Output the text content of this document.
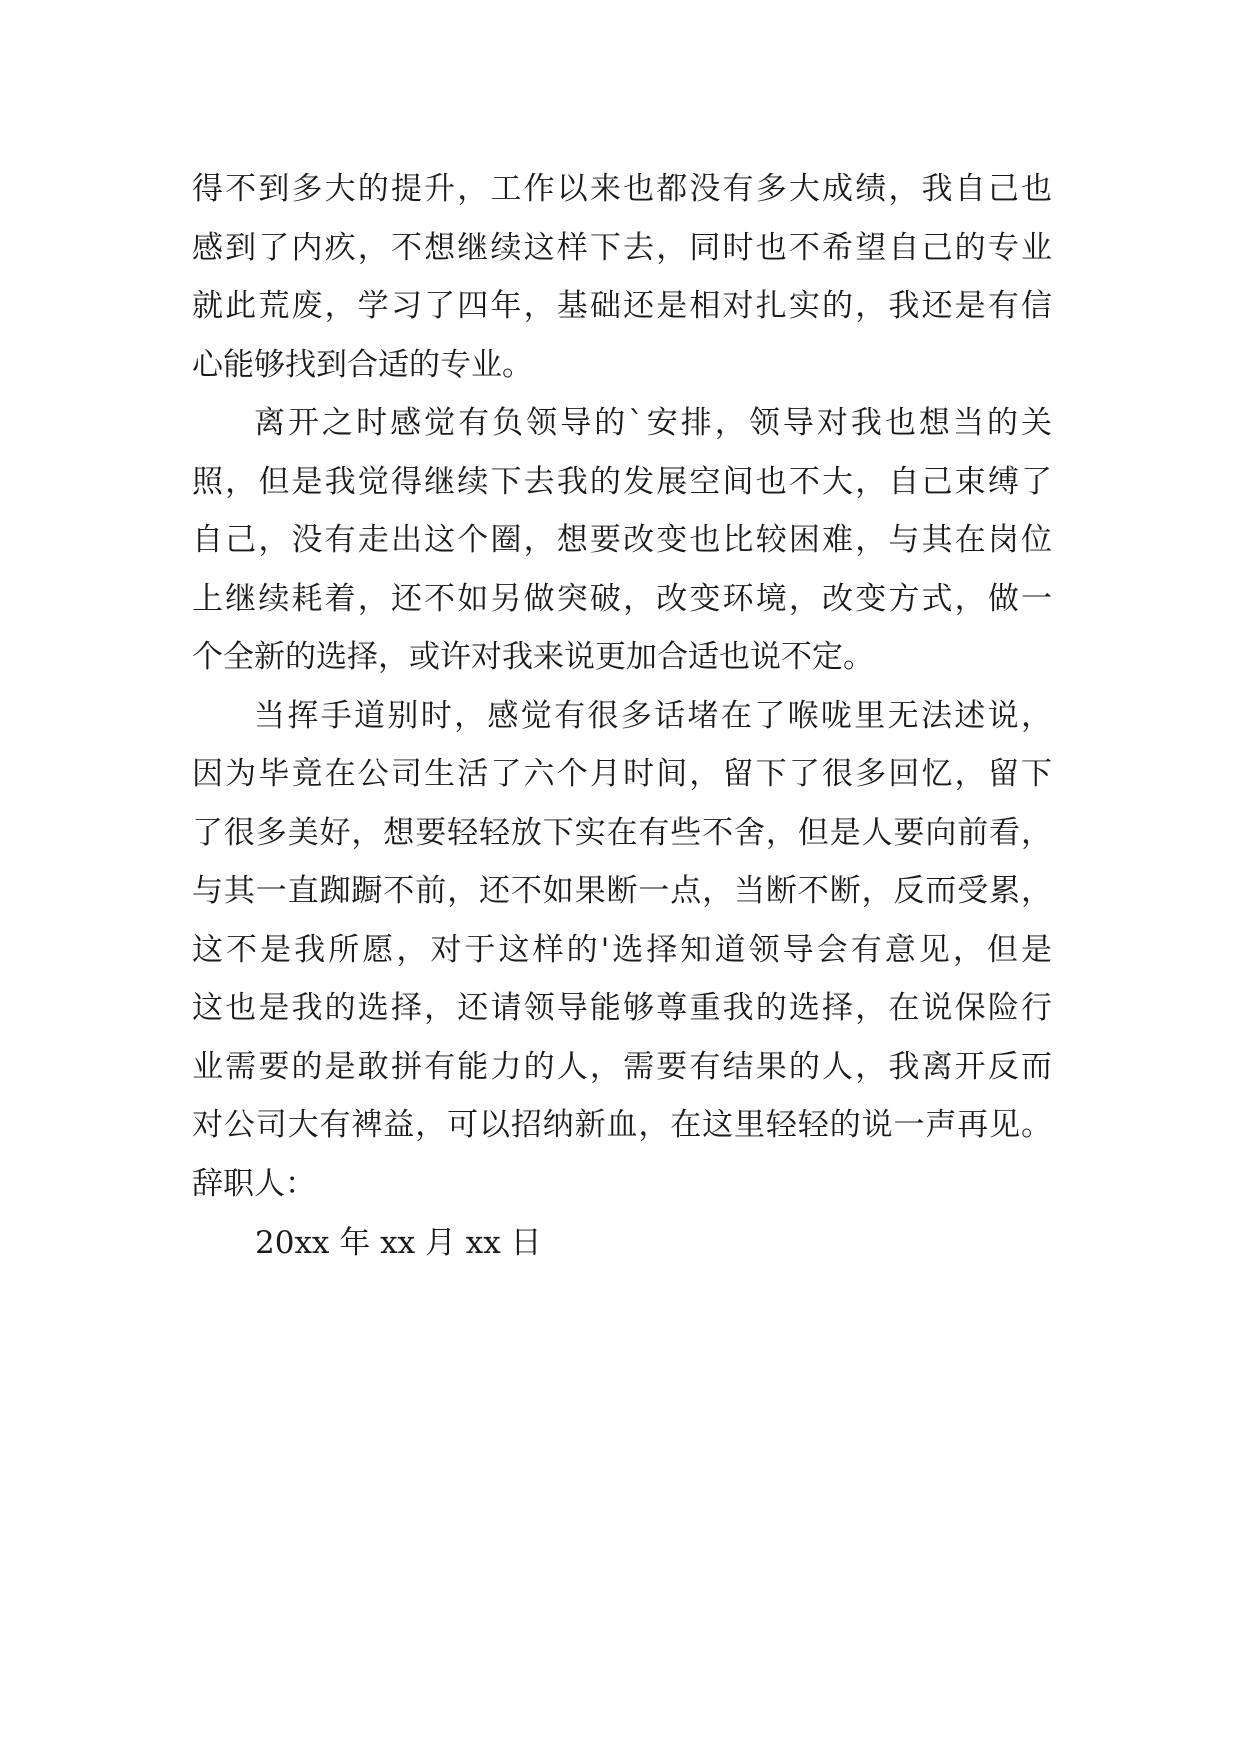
得不到多大的提升，工作以来也都没有多大成绩，我自己也
感到了内疚，不想继续这样下去，同时也不希望自己的专业
就此荒废，学习了四年，基础还是相对扎实的，我还是有信
心能够找到合适的专业。
离开之时感觉有负领导的`安排，领导对我也想当的关
照，但是我觉得继续下去我的发展空间也不大，自己束缚了
自己，没有走出这个圈，想要改变也比较困难，与其在岗位
上继续耗着，还不如另做突破，改变环境，改变方式，做一
个全新的选择，或许对我来说更加合适也说不定。
当挥手道别时，感觉有很多话堵在了喉咙里无法述说，
因为毕竟在公司生活了六个月时间，留下了很多回忆，留下
了很多美好，想要轻轻放下实在有些不舍，但是人要向前看，
与其一直踟蹰不前，还不如果断一点，当断不断，反而受累，
这不是我所愿，对于这样的'选择知道领导会有意见，但是
这也是我的选择，还请领导能够尊重我的选择，在说保险行
业需要的是敢拼有能力的人，需要有结果的人，我离开反而
对公司大有裨益，可以招纳新血，在这里轻轻的说一声再见。
辞职人：
20xx 年 xx 月 xx 日
